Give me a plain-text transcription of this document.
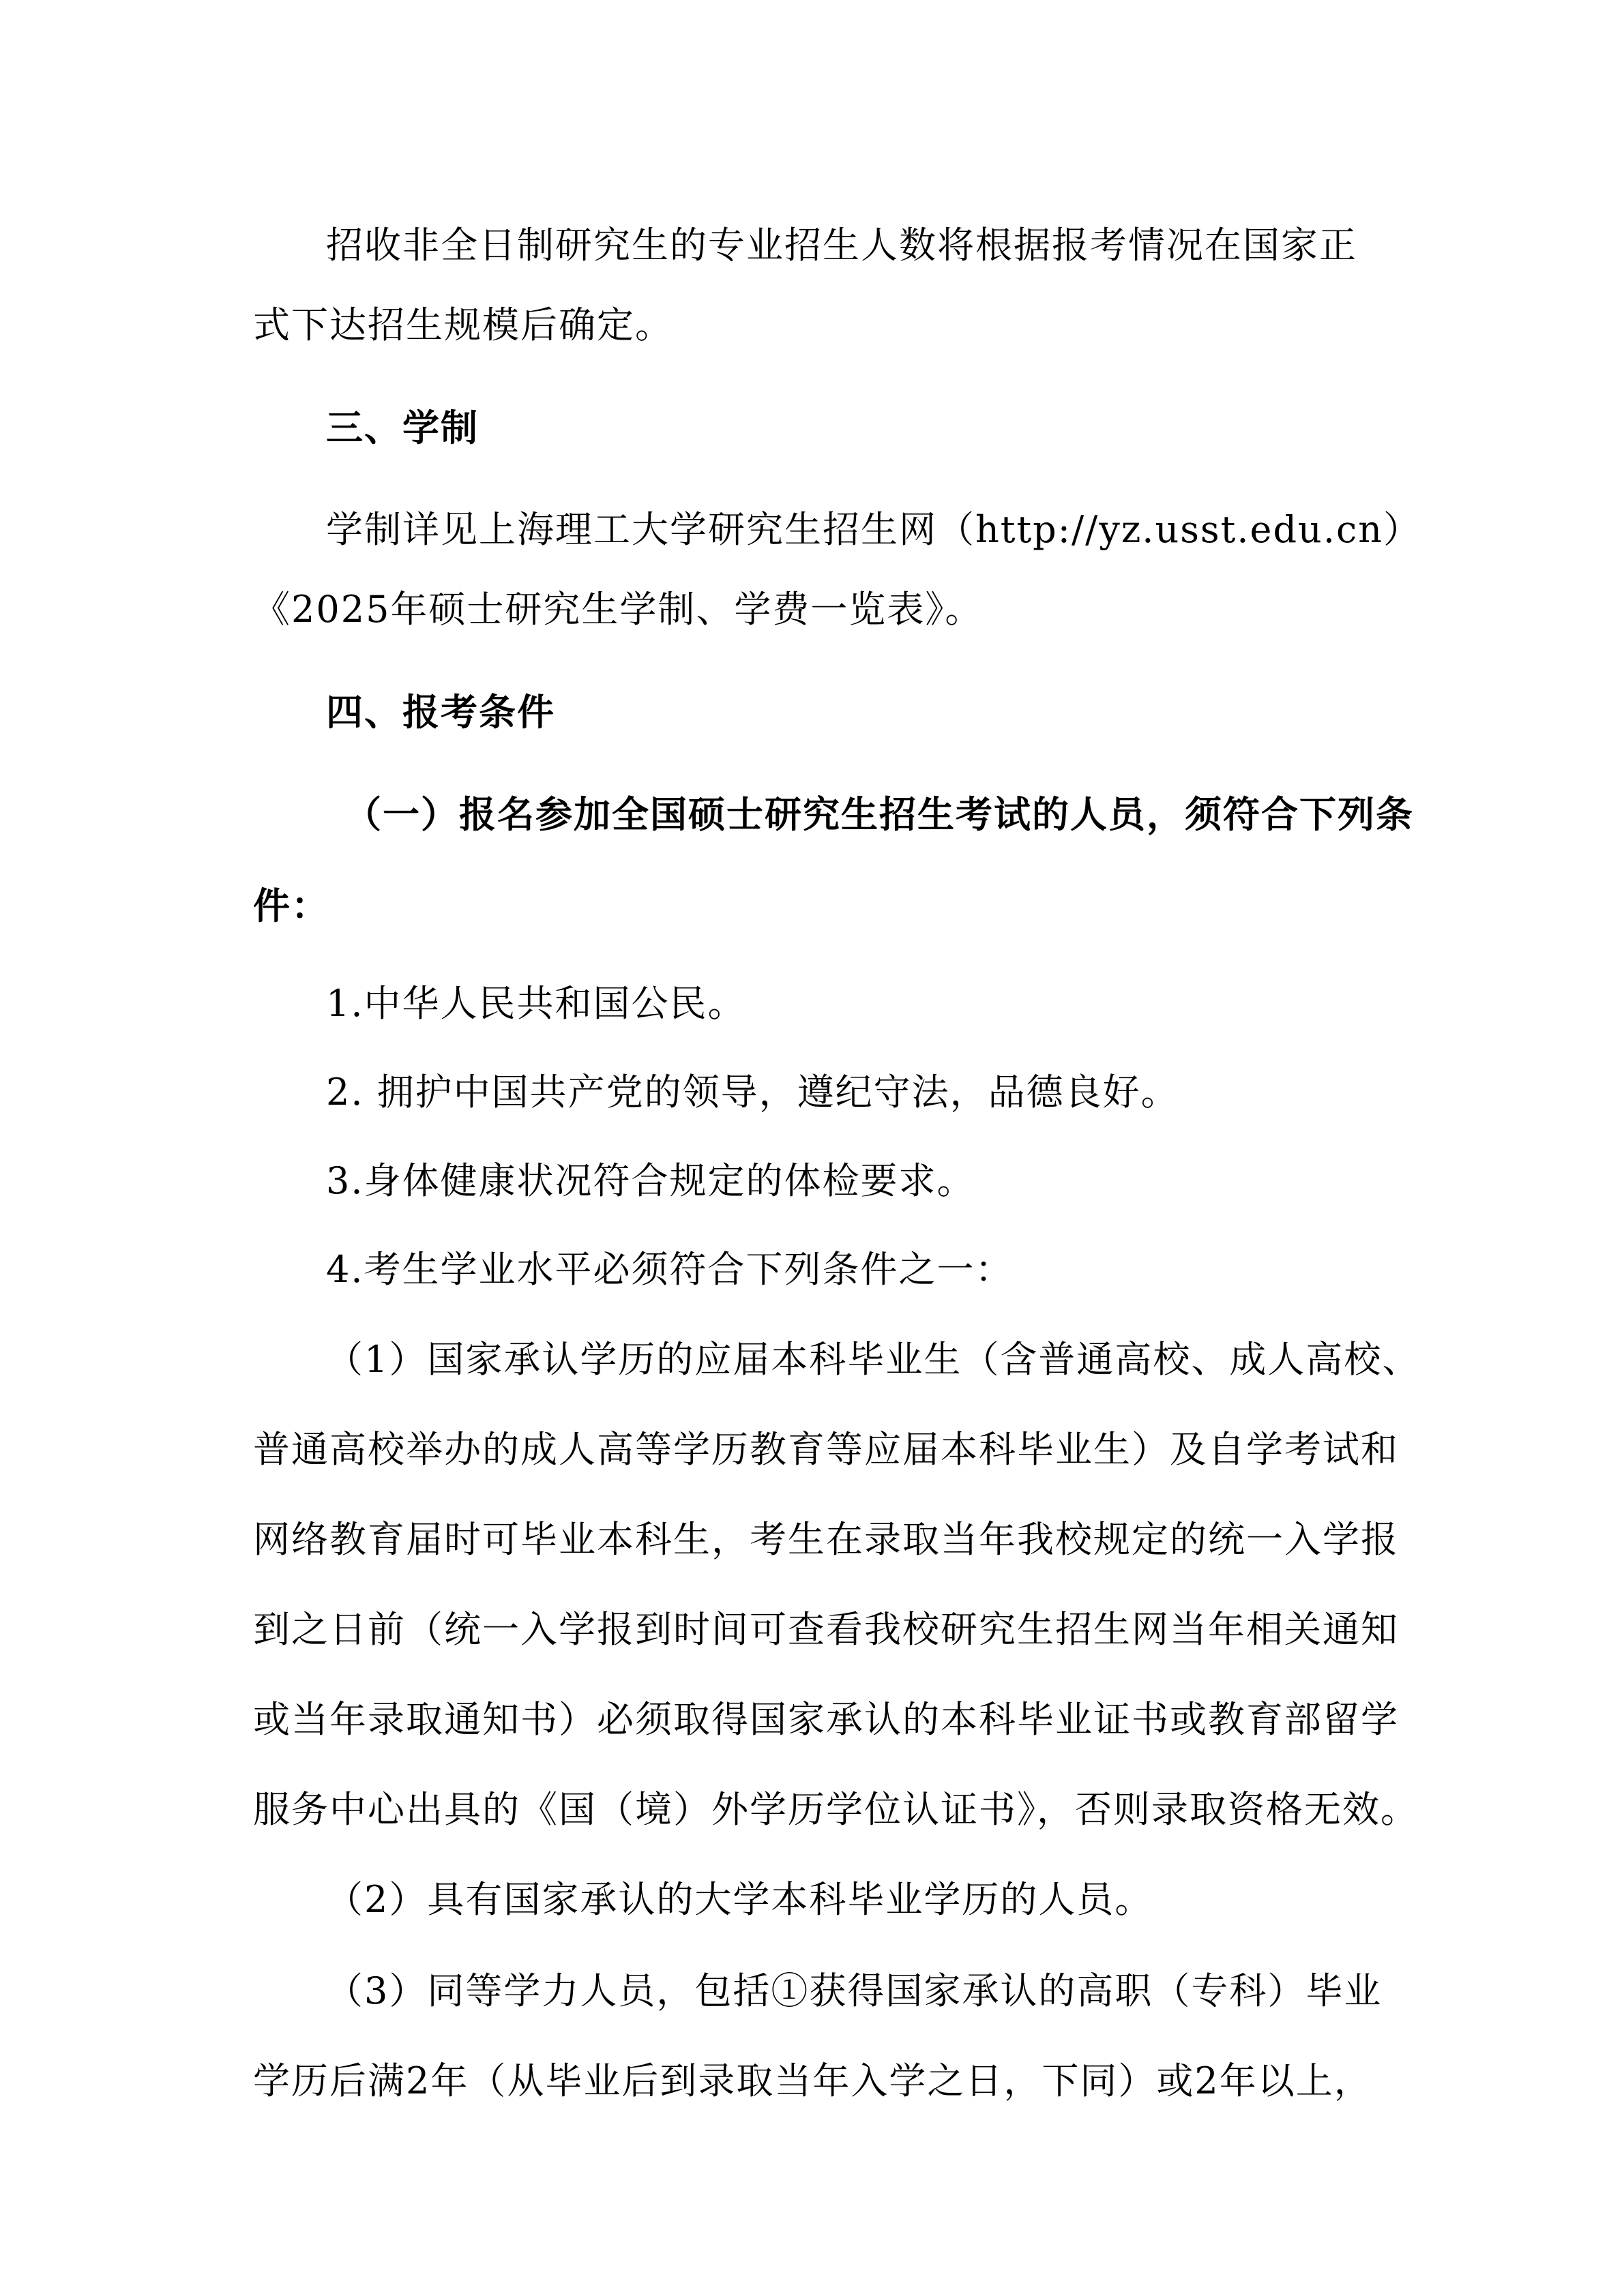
招收非全日制研究生的专业招生人数将根据报考情况在国家正
式下达招生规模后确定。
三、学制
学制详见上海理工大学研究生招生网（http://yz.usst.edu.cn）
《2025年硕士研究生学制、学费一览表》。
四、报考条件
（一）报名参加全国硕士研究生招生考试的人员，须符合下列条
件：
1.中华人民共和国公民。
2. 拥护中国共产党的领导，遵纪守法，品德良好。
3.身体健康状况符合规定的体检要求。
4.考生学业水平必须符合下列条件之一：
（1）国家承认学历的应届本科毕业生（含普通高校、成人高校、
普通高校举办的成人高等学历教育等应届本科毕业生）及自学考试和
网络教育届时可毕业本科生，考生在录取当年我校规定的统一入学报
到之日前（统一入学报到时间可查看我校研究生招生网当年相关通知
或当年录取通知书）必须取得国家承认的本科毕业证书或教育部留学
服务中心出具的《国（境）外学历学位认证书》，否则录取资格无效。
（2）具有国家承认的大学本科毕业学历的人员。
（3）同等学力人员，包括①获得国家承认的高职（专科）毕业
学历后满2年（从毕业后到录取当年入学之日，下同）或2年以上，
